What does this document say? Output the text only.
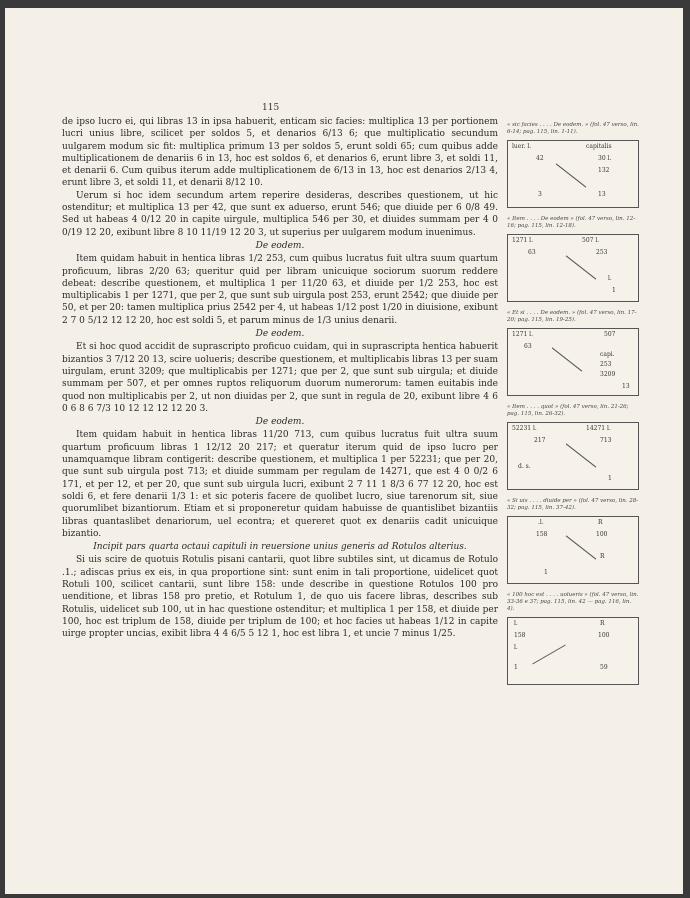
115

de ipso lucro ei, qui libras 13 in ipsa habuerit, enticam sic facies: multiplica 13 per portionem lucri unius libre, scilicet per soldos 5, et denarios 6/13 6; que multiplicatio secundum uulgarem modum sic fit: multiplica primum 13 per soldos 5, erunt soldi 65; cum quibus adde multiplicationem de denariis 6 in 13, hoc est soldos 6, et denarios 6, erunt libre 3, et soldi 11, et denarii 6. Cum quibus iterum adde multiplicationem de 6/13 in 13, hoc est denarios 2/13 4, erunt libre 3, et soldi 11, et denarii 8/12 10.

Uerum si hoc idem secundum artem reperire desideras, describes questionem, ut hic ostenditur; et multiplica 13 per 42, que sunt ex aduerso, erunt 546; que diuide per 6 0/8 49. Sed ut habeas 4 0/12 20 in capite uirgule, multiplica 546 per 30, et diuides summam per 4 0 0/19 12 20, exibunt libre 8 10 11/19 12 20 3, ut superius per uulgarem modum inuenimus.

De eodem.

Item quidam habuit in hentica libras 1/2 253, cum quibus lucratus fuit ultra suum quartum proficuum, libras 2/20 63; queritur quid per libram unicuique sociorum suorum reddere debeat: describe questionem, et multiplica 1 per 11/20 63, et diuide per 1/2 253, hoc est multiplicabis 1 per 1271, que per 2, que sunt sub uirgula post 253, erunt 2542; que diuide per 50, et per 20: tamen multiplica prius 2542 per 4, ut habeas 1/12 post 1/20 in diuisione, exibunt 2 7 0 5/12 12 12 20, hoc est soldi 5, et parum minus de 1/3 unius denarii.

De eodem.

Et si hoc quod accidit de suprascripto proficuo cuidam, qui in suprascripta hentica habuerit bizantios 3 7/12 20 13, scire uolueris; describe questionem, et multiplicabis libras 13 per suam uirgulam, erunt 3209; que multiplicabis per 1271; que per 2, que sunt sub uirgula; et diuide summam per 507, et per omnes ruptos reliquorum duorum numerorum: tamen euitabis inde quod non multiplicabis per 2, ut non diuidas per 2, que sunt in regula de 20, exibunt libre 4 6 0 6 8 6 7/3 10 12 12 12 12 20 3.

De eodem.

Item quidam habuit in hentica libras 11/20 713, cum quibus lucratus fuit ultra suum quartum proficuum libras 1 12/12 20 217; et queratur iterum quid de ipso lucro per unamquamque libram contigerit: describe questionem, et multiplica 1 per 52231; que per 20, que sunt sub uirgula post 713; et diuide summam per regulam de 14271, que est 4 0 0/2 6 171, et per 12, et per 20, que sunt sub uirgula lucri, exibunt 2 7 11 1 8/3 6 77 12 20, hoc est soldi 6, et fere denarii 1/3 1: et sic poteris facere de quolibet lucro, siue tarenorum sit, siue quorumlibet bizantiorum. Etiam et si proponeretur quidam habuisse de quantislibet bizantiis libras quantaslibet denariorum, uel econtra; et quereret quot ex denariis cadit unicuique bizantio.

Incipit pars quarta octaui capituli in reuersione unius generis ad Rotulos alterius.

Si uis scire de quotuis Rotulis pisani cantarii, quot libre subtiles sint, ut dicamus de Rotulo .1.; adiscas prius ex eis, in qua proportione sint: sunt enim in tali proportione, uidelicet quot Rotuli 100, scilicet cantarii, sunt libre 158: unde describe in questione Rotulos 100 pro uenditione, et libras 158 pro pretio, et Rotulum 1, de quo uis facere libras, describes sub Rotulis, uidelicet sub 100, ut in hac questione ostenditur; et multiplica 1 per 158, et diuide per 100, hoc est triplum de 158, diuide per triplum de 100; et hoc facies ut habeas 1/12 in capite uirge propter uncias, exibit libra 4 4 6/5 5 12 1, hoc est libra 1, et uncie 7 minus 1/25.

« sic facies . . . . De eodem. » (fol. 47 verso, lin. 6-14; pag. 115, lin. 1-11).

luer. l.	capitalis
42	30 l.
132
3	13

« Item . . . . De eodem » (fol. 47 verso, lin. 12-16; pag. 115, lin. 12-18).

1271 l.	507 l.
63	253
l.
1

« Et si . . . . De eodem. » (fol. 47 verso, lin. 17-20; pag. 115, lin. 19-25).

1271 l.	507
63
capi.
253
3209
13

« Item . . . . quot » (fol. 47 verso, lin. 21-26; pag. 115, lin. 26-32).

52231 l.	14271 l.
217	713
d. s.
1

« Si uis . . . . diuide per » (fol. 47 verso, lin. 28-32; pag. 115, lin. 37-42).

.l.	R
158	100
R
1

« 100 hoc est . . . . uolueris » (fol. 47 verso, lin. 33-36 e 37; pag. 115, lin. 42 — pag. 116, lin. 4).

l.	R
158	100
l.
1	59
